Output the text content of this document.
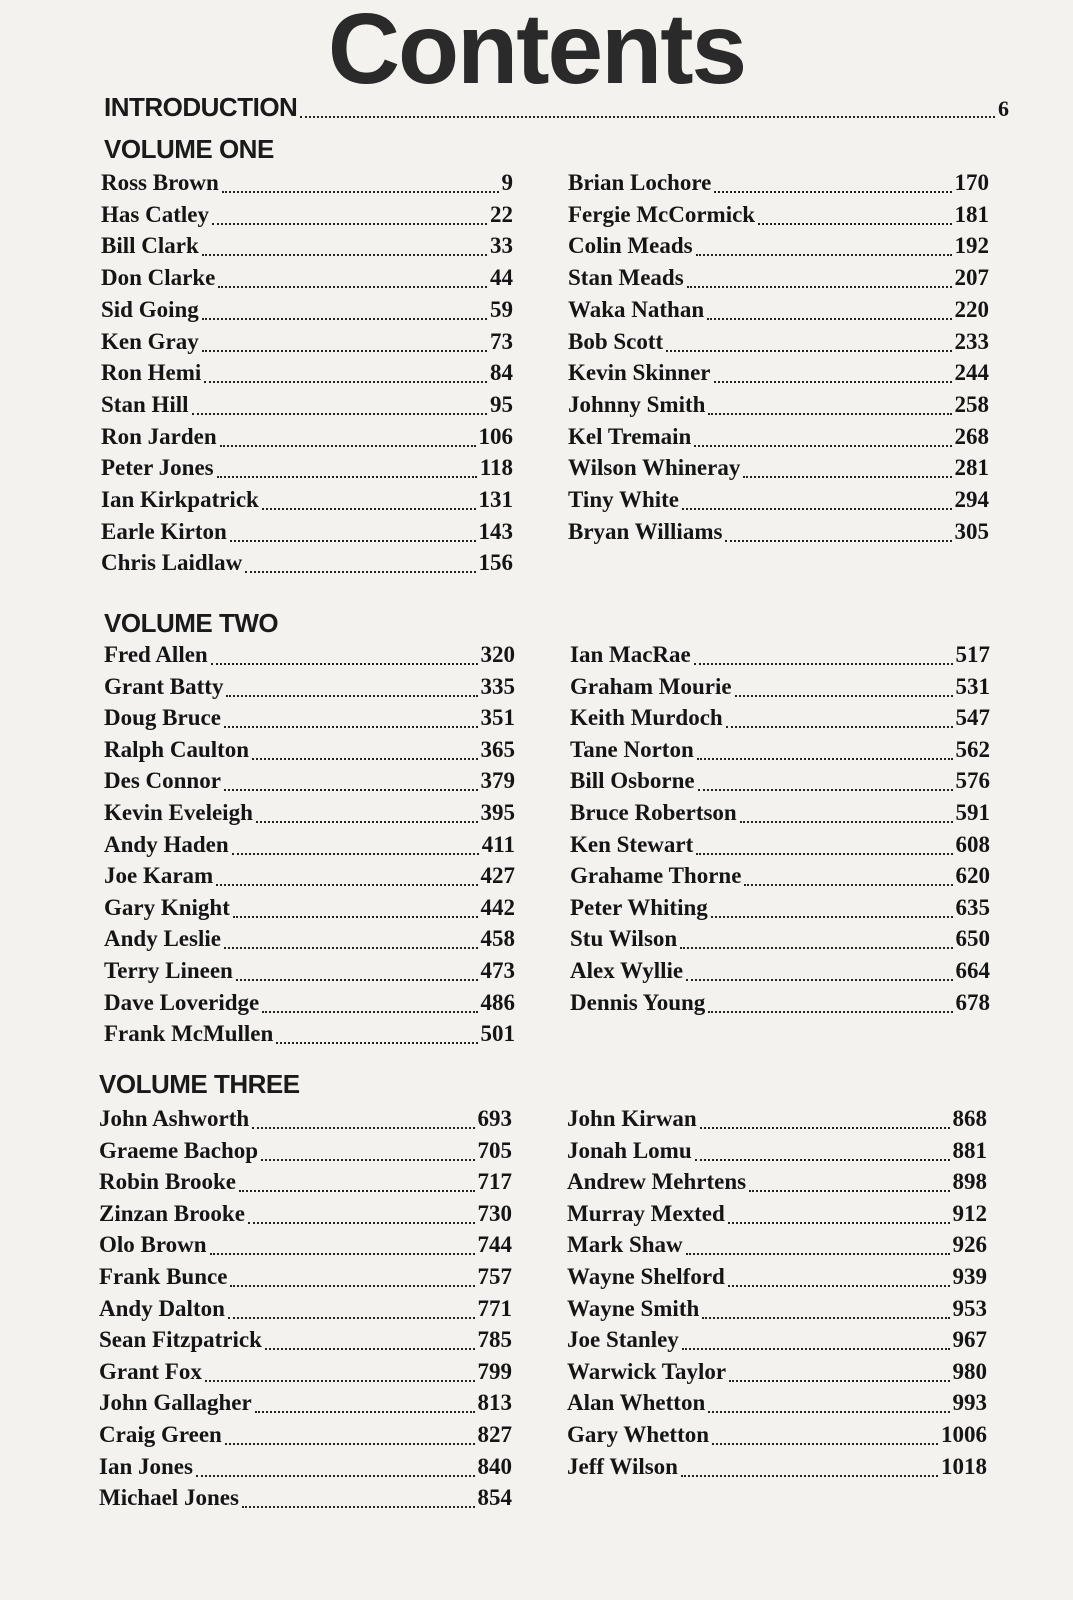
Contents
INTRODUCTION	6
VOLUME ONE
Ross Brown	9
Has Catley	22
Bill Clark	33
Don Clarke	44
Sid Going	59
Ken Gray	73
Ron Hemi	84
Stan Hill	95
Ron Jarden	106
Peter Jones	118
Ian Kirkpatrick	131
Earle Kirton	143
Chris Laidlaw	156
Brian Lochore	170
Fergie McCormick	181
Colin Meads	192
Stan Meads	207
Waka Nathan	220
Bob Scott	233
Kevin Skinner	244
Johnny Smith	258
Kel Tremain	268
Wilson Whineray	281
Tiny White	294
Bryan Williams	305
VOLUME TWO
Fred Allen	320
Grant Batty	335
Doug Bruce	351
Ralph Caulton	365
Des Connor	379
Kevin Eveleigh	395
Andy Haden	411
Joe Karam	427
Gary Knight	442
Andy Leslie	458
Terry Lineen	473
Dave Loveridge	486
Frank McMullen	501
Ian MacRae	517
Graham Mourie	531
Keith Murdoch	547
Tane Norton	562
Bill Osborne	576
Bruce Robertson	591
Ken Stewart	608
Grahame Thorne	620
Peter Whiting	635
Stu Wilson	650
Alex Wyllie	664
Dennis Young	678
VOLUME THREE
John Ashworth	693
Graeme Bachop	705
Robin Brooke	717
Zinzan Brooke	730
Olo Brown	744
Frank Bunce	757
Andy Dalton	771
Sean Fitzpatrick	785
Grant Fox	799
John Gallagher	813
Craig Green	827
Ian Jones	840
Michael Jones	854
John Kirwan	868
Jonah Lomu	881
Andrew Mehrtens	898
Murray Mexted	912
Mark Shaw	926
Wayne Shelford	939
Wayne Smith	953
Joe Stanley	967
Warwick Taylor	980
Alan Whetton	993
Gary Whetton	1006
Jeff Wilson	1018
